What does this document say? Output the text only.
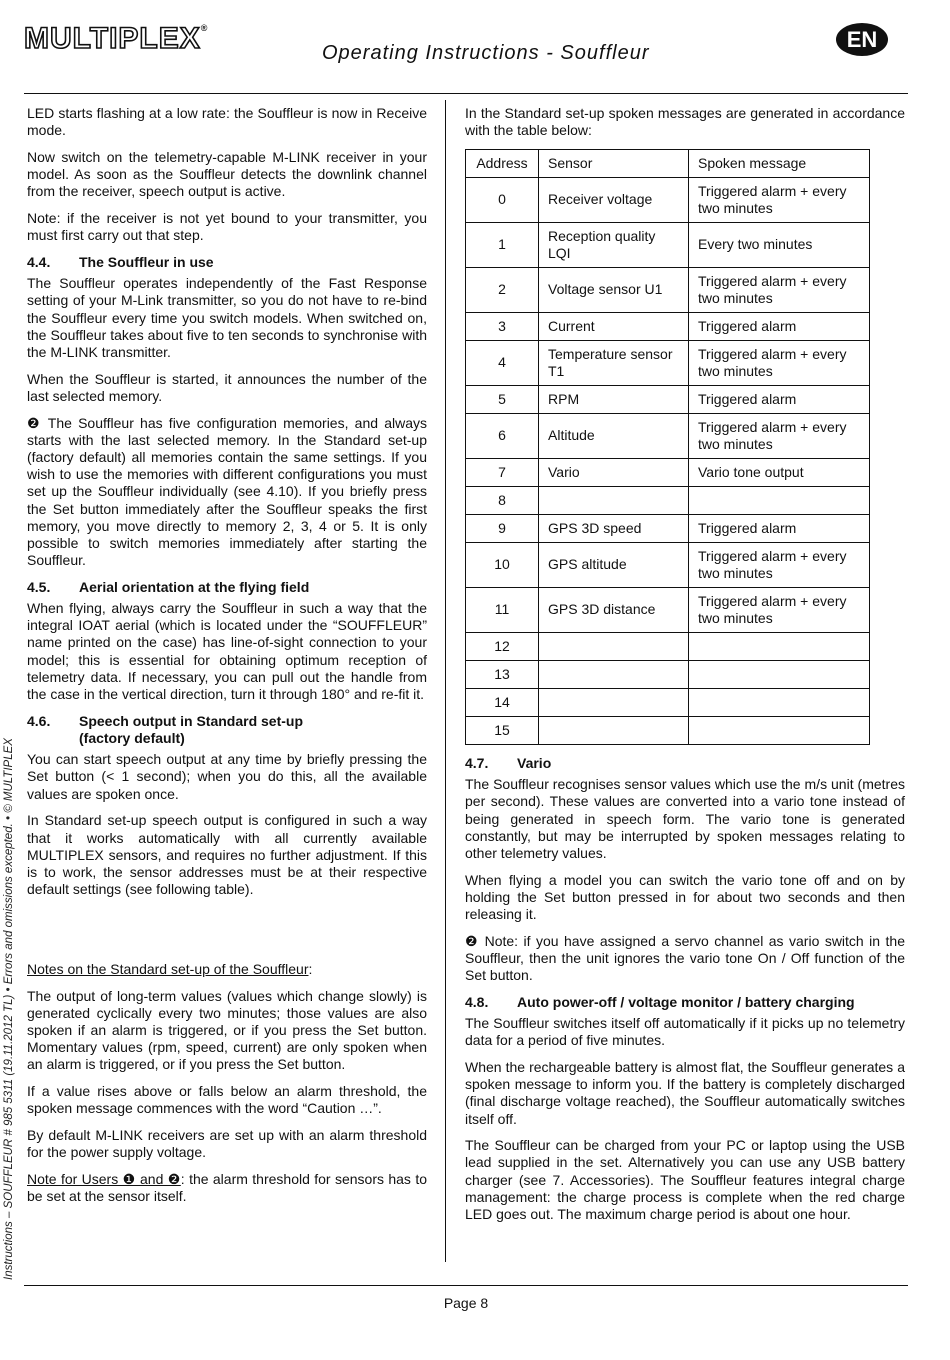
MULTIPLEX®
Operating Instructions - Souffleur
EN
Instructions – SOUFFLEUR # 985 5311 (19.11.2012 TL) • Errors and omissions excepted. • © MULTIPLEX

LED starts flashing at a low rate: the Souffleur is now in Receive mode.

Now switch on the telemetry-capable M-LINK receiver in your model. As soon as the Souffleur detects the downlink channel from the receiver, speech output is active.

Note: if the receiver is not yet bound to your transmitter, you must first carry out that step.

4.4. The Souffleur in use

The Souffleur operates independently of the Fast Response setting of your M-Link transmitter, so you do not have to re-bind the Souffleur every time you switch models. When switched on, the Souffleur takes about five to ten seconds to synchronise with the M-LINK transmitter.

When the Souffleur is started, it announces the number of the last selected memory.

❷ The Souffleur has five configuration memories, and always starts with the last selected memory. In the Standard set-up (factory default) all memories contain the same settings. If you wish to use the memories with different configurations you must set up the Souffleur individually (see 4.10). If you briefly press the Set button immediately after the Souffleur speaks the first memory, you move directly to memory 2, 3, 4 or 5. It is only possible to switch memories immediately after starting the Souffleur.

4.5. Aerial orientation at the flying field

When flying, always carry the Souffleur in such a way that the integral IOAT aerial (which is located under the “SOUFFLEUR” name printed on the case) has line-of-sight connection to your model; this is essential for obtaining optimum reception of telemetry data. If necessary, you can pull out the handle from the case in the vertical direction, turn it through 180° and re-fit it.

4.6. Speech output in Standard set-up
(factory default)

You can start speech output at any time by briefly pressing the Set button (< 1 second); when you do this, all the available values are spoken once.

In Standard set-up speech output is configured in such a way that it works automatically with all currently available MULTIPLEX sensors, and requires no further adjustment. If this is to work, the sensor addresses must be at their respective default settings (see following table).

Notes on the Standard set-up of the Souffleur:

The output of long-term values (values which change slowly) is generated cyclically every two minutes; those values are also spoken if an alarm is triggered, or if you press the Set button. Momentary values (rpm, speed, current) are only spoken when an alarm is triggered, or if you press the Set button.

If a value rises above or falls below an alarm threshold, the spoken message commences with the word “Caution …”.

By default M-LINK receivers are set up with an alarm threshold for the power supply voltage.

Note for Users ❶ and ❷: the alarm threshold for sensors has to be set at the sensor itself.

In the Standard set-up spoken messages are generated in accordance with the table below:

Address	Sensor	Spoken message
0	Receiver voltage	Triggered alarm + every two minutes
1	Reception quality LQI	Every two minutes
2	Voltage sensor U1	Triggered alarm + every two minutes
3	Current	Triggered alarm
4	Temperature sensor T1	Triggered alarm + every two minutes
5	RPM	Triggered alarm
6	Altitude	Triggered alarm + every two minutes
7	Vario	Vario tone output
8		
9	GPS 3D speed	Triggered alarm
10	GPS altitude	Triggered alarm + every two minutes
11	GPS 3D distance	Triggered alarm + every two minutes
12		
13		
14		
15		
4.7. Vario

The Souffleur recognises sensor values which use the m/s unit (metres per second). These values are converted into a vario tone instead of being generated in speech form. The vario tone is generated constantly, but may be interrupted by spoken messages relating to other telemetry values.

When flying a model you can switch the vario tone off and on by holding the Set button pressed in for about two seconds and then releasing it.

❷ Note: if you have assigned a servo channel as vario switch in the Souffleur, then the unit ignores the vario tone On / Off function of the Set button.

4.8. Auto power-off / voltage monitor / battery charging

The Souffleur switches itself off automatically if it picks up no telemetry data for a period of five minutes.

When the rechargeable battery is almost flat, the Souffleur generates a spoken message to inform you. If the battery is completely discharged (final discharge voltage reached), the Souffleur automatically switches itself off.

The Souffleur can be charged from your PC or laptop using the USB lead supplied in the set. Alternatively you can use any USB battery charger (see 7. Accessories). The Souffleur features integral charge management: the charge process is complete when the red charge LED goes out. The maximum charge period is about one hour.

Page 8
